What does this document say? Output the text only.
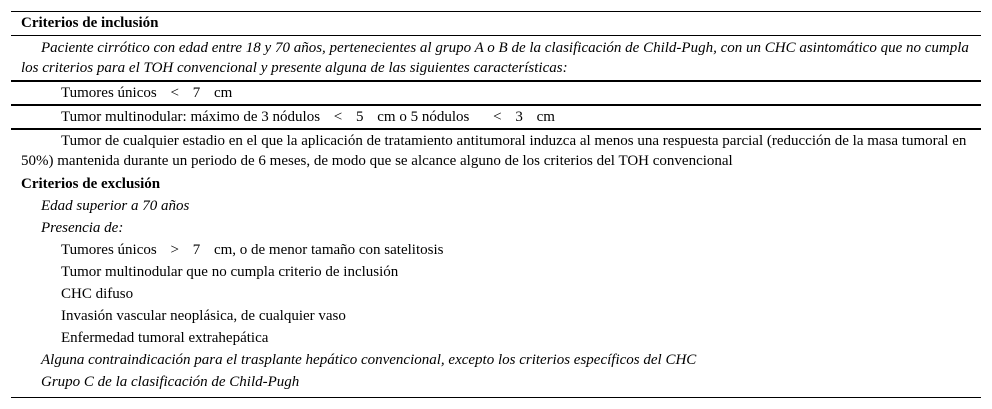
Criterios de inclusión
Paciente cirrótico con edad entre 18 y 70 años, pertenecientes al grupo A o B de la clasificación de Child-Pugh, con un CHC asintomático que no cumpla los criterios para el TOH convencional y presente alguna de las siguientes características:
Tumores únicos < 7 cm
Tumor multinodular: máximo de 3 nódulos < 5 cm o 5 nódulos < 3 cm
Tumor de cualquier estadio en el que la aplicación de tratamiento antitumoral induzca al menos una respuesta parcial (reducción de la masa tumoral en 50%) mantenida durante un periodo de 6 meses, de modo que se alcance alguno de los criterios del TOH convencional
Criterios de exclusión
Edad superior a 70 años
Presencia de:
Tumores únicos > 7 cm, o de menor tamaño con satelitosis
Tumor multinodular que no cumpla criterio de inclusión
CHC difuso
Invasión vascular neoplásica, de cualquier vaso
Enfermedad tumoral extrahepática
Alguna contraindicación para el trasplante hepático convencional, excepto los criterios específicos del CHC
Grupo C de la clasificación de Child-Pugh
